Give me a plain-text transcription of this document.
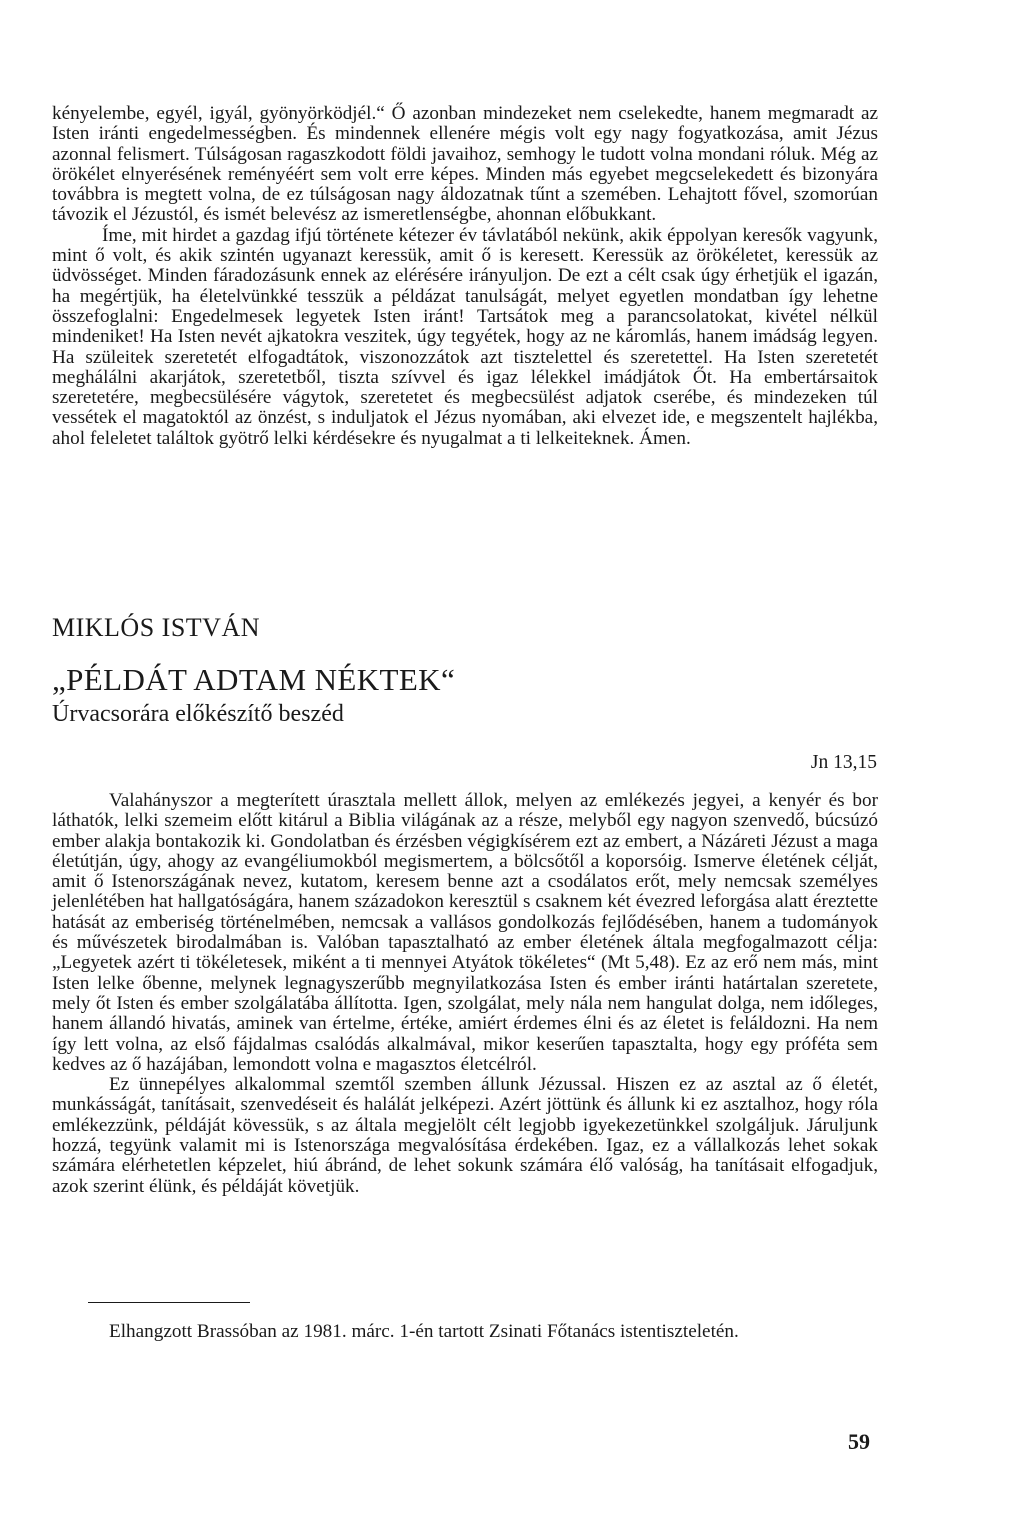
kényelembe, egyél, igyál, gyönyörködjél.“ Ő azonban mindezeket nem cselekedte, hanem megmaradt az Isten iránti engedelmességben. És mindennek ellenére mégis volt egy nagy fogyatkozása, amit Jézus azonnal felismert. Túlságosan ragaszkodott földi javaihoz, semhogy le tudott volna mondani róluk. Még az örökélet elnyerésének reményéért sem volt erre képes. Minden más egyebet megcselekedett és bizonyára továbbra is megtett volna, de ez túlságosan nagy áldozatnak tűnt a szemében. Lehajtott fővel, szomorúan távozik el Jézustól, és ismét belevész az ismeretlenségbe, ahonnan előbukkant.

Íme, mit hirdet a gazdag ifjú története kétezer év távlatából nekünk, akik éppolyan keresők vagyunk, mint ő volt, és akik szintén ugyanazt keressük, amit ő is keresett. Keressük az örökéletet, keressük az üdvösséget. Minden fáradozásunk ennek az elérésére irányuljon. De ezt a célt csak úgy érhetjük el igazán, ha megértjük, ha életelvünkké tesszük a példázat tanulságát, melyet egyetlen mondatban így lehetne összefoglalni: Engedelmesek legyetek Isten iránt! Tartsátok meg a parancsolatokat, kivétel nélkül mindeniket! Ha Isten nevét ajkatokra veszitek, úgy tegyétek, hogy az ne káromlás, hanem imádság legyen. Ha szüleitek szeretetét elfogadtátok, viszonozzátok azt tisztelettel és szeretettel. Ha Isten szeretetét meghálálni akarjátok, szeretetből, tiszta szívvel és igaz lélekkel imádjátok Őt. Ha embertársaitok szeretetére, megbecsülésére vágytok, szeretetet és megbecsülést adjatok cserébe, és mindezeken túl vessétek el magatoktól az önzést, s induljatok el Jézus nyomában, aki elvezet ide, e megszentelt hajlékba, ahol feleletet találtok gyötrő lelki kérdésekre és nyugalmat a ti lelkeiteknek. Ámen.

MIKLÓS ISTVÁN
„PÉLDÁT ADTAM NÉKTEK“
Úrvacsorára előkészítő beszéd

Jn 13,15

Valahányszor a megterített úrasztala mellett állok, melyen az emlékezés jegyei, a kenyér és bor láthatók, lelki szemeim előtt kitárul a Biblia világának az a része, melyből egy nagyon szenvedő, búcsúzó ember alakja bontakozik ki. Gondolatban és érzésben végigkísérem ezt az embert, a Názáreti Jézust a maga életútján, úgy, ahogy az evangéliumokból megismertem, a bölcsőtől a koporsóig. Ismerve életének célját, amit ő Istenországának nevez, kutatom, keresem benne azt a csodálatos erőt, mely nemcsak személyes jelenlétében hat hallgatóságára, hanem századokon keresztül s csaknem két évezred leforgása alatt éreztette hatását az emberiség történelmében, nemcsak a vallásos gondolkozás fejlődésében, hanem a tudományok és művészetek birodalmában is. Valóban tapasztalható az ember életének általa megfogalmazott célja: „Legyetek azért ti tökéletesek, miként a ti mennyei Atyátok tökéletes“ (Mt 5,48). Ez az erő nem más, mint Isten lelke őbenne, melynek legnagyszerűbb megnyilatkozása Isten és ember iránti határtalan szeretete, mely őt Isten és ember szolgálatába állította. Igen, szolgálat, mely nála nem hangulat dolga, nem időleges, hanem állandó hivatás, aminek van értelme, értéke, amiért érdemes élni és az életet is feláldozni. Ha nem így lett volna, az első fájdalmas csalódás alkalmával, mikor keserűen tapasztalta, hogy egy próféta sem kedves az ő hazájában, lemondott volna e magasztos életcélról.

Ez ünnepélyes alkalommal szemtől szemben állunk Jézussal. Hiszen ez az asztal az ő életét, munkásságát, tanításait, szenvedéseit és halálát jelképezi. Azért jöttünk és állunk ki ez asztalhoz, hogy róla emlékezzünk, példáját kövessük, s az általa megjelölt célt legjobb igyekezetünkkel szolgáljuk. Járuljunk hozzá, tegyünk valamit mi is Istenországa megvalósítása érdekében. Igaz, ez a vállalkozás lehet sokak számára elérhetetlen képzelet, hiú ábránd, de lehet sokunk számára élő valóság, ha tanításait elfogadjuk, azok szerint élünk, és példáját követjük.

Elhangzott Brassóban az 1981. márc. 1-én tartott Zsinati Főtanács istentiszteletén.

59
